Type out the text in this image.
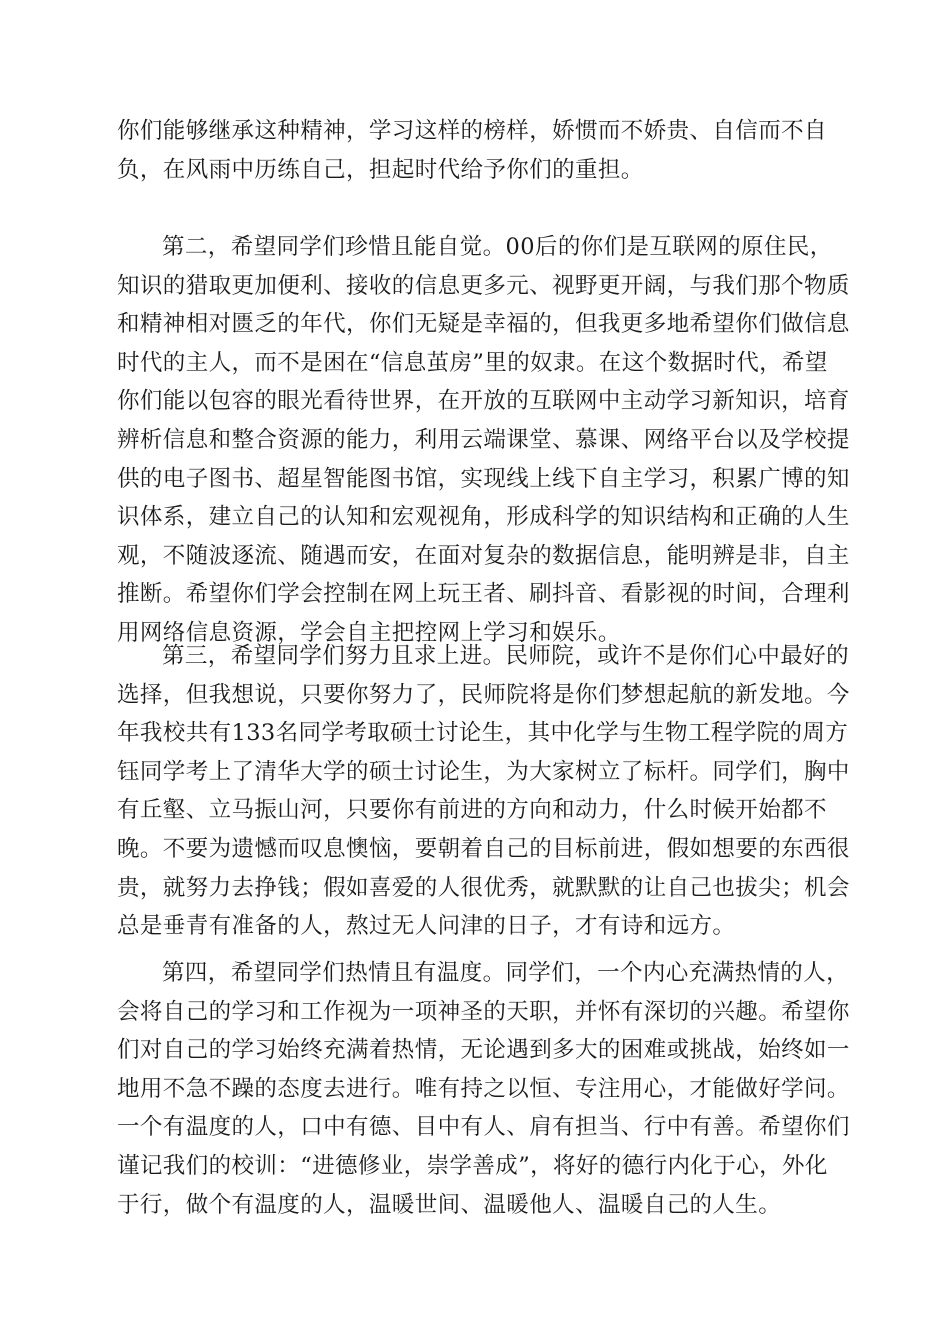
你们能够继承这种精神，学习这样的榜样，娇惯而不娇贵、自信而不自
负，在风雨中历练自己，担起时代给予你们的重担。

第二，希望同学们珍惜且能自觉。00后的你们是互联网的原住民，
知识的猎取更加便利、接收的信息更多元、视野更开阔，与我们那个物质
和精神相对匮乏的年代，你们无疑是幸福的，但我更多地希望你们做信息
时代的主人，而不是困在“信息茧房”里的奴隶。在这个数据时代，希望
你们能以包容的眼光看待世界，在开放的互联网中主动学习新知识，培育
辨析信息和整合资源的能力，利用云端课堂、慕课、网络平台以及学校提
供的电子图书、超星智能图书馆，实现线上线下自主学习，积累广博的知
识体系，建立自己的认知和宏观视角，形成科学的知识结构和正确的人生
观，不随波逐流、随遇而安，在面对复杂的数据信息，能明辨是非，自主
推断。希望你们学会控制在网上玩王者、刷抖音、看影视的时间，合理利
用网络信息资源，学会自主把控网上学习和娱乐。

第三，希望同学们努力且求上进。民师院，或许不是你们心中最好的
选择，但我想说，只要你努力了，民师院将是你们梦想起航的新发地。今
年我校共有133名同学考取硕士讨论生，其中化学与生物工程学院的周方
钰同学考上了清华大学的硕士讨论生，为大家树立了标杆。同学们，胸中
有丘壑、立马振山河，只要你有前进的方向和动力，什么时候开始都不
晚。不要为遗憾而叹息懊恼，要朝着自己的目标前进，假如想要的东西很
贵，就努力去挣钱；假如喜爱的人很优秀，就默默的让自己也拔尖；机会
总是垂青有准备的人，熬过无人问津的日子，才有诗和远方。

第四，希望同学们热情且有温度。同学们，一个内心充满热情的人，
会将自己的学习和工作视为一项神圣的天职，并怀有深切的兴趣。希望你
们对自己的学习始终充满着热情，无论遇到多大的困难或挑战，始终如一
地用不急不躁的态度去进行。唯有持之以恒、专注用心，才能做好学问。
一个有温度的人，口中有德、目中有人、肩有担当、行中有善。希望你们
谨记我们的校训：“进德修业，崇学善成”，将好的德行内化于心，外化
于行，做个有温度的人，温暖世间、温暖他人、温暖自己的人生。
